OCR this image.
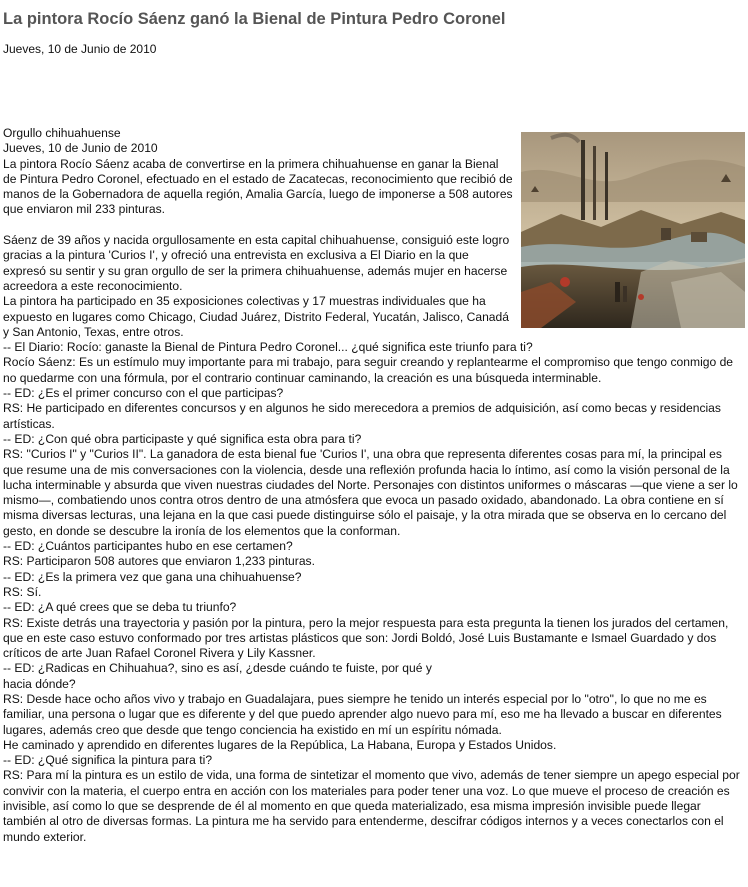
La pintora Rocío Sáenz ganó la Bienal de Pintura Pedro Coronel
Jueves, 10 de Junio de 2010

Orgullo chihuahuense

Jueves, 10 de Junio de 2010

La pintora Rocío Sáenz acaba de convertirse en la primera chihuahuense en ganar la Bienal de Pintura Pedro Coronel, efectuado en el estado de Zacatecas, reconocimiento que recibió de manos de la Gobernadora de aquella región, Amalia García, luego de imponerse a 508 autores que enviaron mil 233 pinturas.

Sáenz de 39 años y nacida orgullosamente en esta capital chihuahuense, consiguió este logro gracias a la pintura 'Curios I', y ofreció una entrevista en exclusiva a El Diario en la que expresó su sentir y su gran orgullo de ser la primera chihuahuense, además mujer en hacerse acreedora a este reconocimiento.

La pintora ha participado en 35 exposiciones colectivas y 17 muestras individuales que ha expuesto en lugares como Chicago, Ciudad Juárez, Distrito Federal, Yucatán, Jalisco, Canadá y San Antonio, Texas, entre otros.

-- El Diario: Rocío: ganaste la Bienal de Pintura Pedro Coronel... ¿qué significa este triunfo para ti?

Rocío Sáenz: Es un estímulo muy importante para mi trabajo, para seguir creando y replantearme el compromiso que tengo conmigo de no quedarme con una fórmula, por el contrario continuar caminando, la creación es una búsqueda interminable.

-- ED: ¿Es el primer concurso con el que participas?

RS: He participado en diferentes concursos y en algunos he sido merecedora a premios de adquisición, así como becas y residencias artísticas.

-- ED: ¿Con qué obra participaste y qué significa esta obra para ti?

RS: "Curios I" y "Curios II". La ganadora de esta bienal fue 'Curios I', una obra que representa diferentes cosas para mí, la principal es que resume una de mis conversaciones con la violencia, desde una reflexión profunda hacia lo íntimo, así como la visión personal de la lucha interminable y absurda que viven nuestras ciudades del Norte. Personajes con distintos uniformes o máscaras —que viene a ser lo mismo—, combatiendo unos contra otros dentro de una atmósfera que evoca un pasado oxidado, abandonado. La obra contiene en sí misma diversas lecturas, una lejana en la que casi puede distinguirse sólo el paisaje, y la otra mirada que se observa en lo cercano del gesto, en donde se descubre la ironía de los elementos que la conforman.

-- ED: ¿Cuántos participantes hubo en ese certamen?

RS: Participaron 508 autores que enviaron 1,233 pinturas.

-- ED: ¿Es la primera vez que gana una chihuahuense?

RS: Sí.

-- ED: ¿A qué crees que se deba tu triunfo?

RS: Existe detrás una trayectoria y pasión por la pintura, pero la mejor respuesta para esta pregunta la tienen los jurados del certamen, que en este caso estuvo conformado por tres artistas plásticos que son: Jordi Boldó, José Luis Bustamante e Ismael Guardado y dos críticos de arte Juan Rafael Coronel Rivera y Lily Kassner.

-- ED: ¿Radicas en Chihuahua?, sino es así, ¿desde cuándo te fuiste, por qué y

hacia dónde?

RS: Desde hace ocho años vivo y trabajo en Guadalajara, pues siempre he tenido un interés especial por lo "otro", lo que no me es familiar, una persona o lugar que es diferente y del que puedo aprender algo nuevo para mí, eso me ha llevado a buscar en diferentes lugares, además creo que desde que tengo conciencia ha existido en mí un espíritu nómada.

He caminado y aprendido en diferentes lugares de la República, La Habana, Europa y Estados Unidos.

-- ED: ¿Qué significa la pintura para ti?

RS: Para mí la pintura es un estilo de vida, una forma de sintetizar el momento que vivo, además de tener siempre un apego especial por convivir con la materia, el cuerpo entra en acción con los materiales para poder tener una voz. Lo que mueve el proceso de creación es invisible, así como lo que se desprende de él al momento en que queda materializado, esa misma impresión invisible puede llegar también al otro de diversas formas. La pintura me ha servido para entenderme, descifrar códigos internos y a veces conectarlos con el mundo exterior.
